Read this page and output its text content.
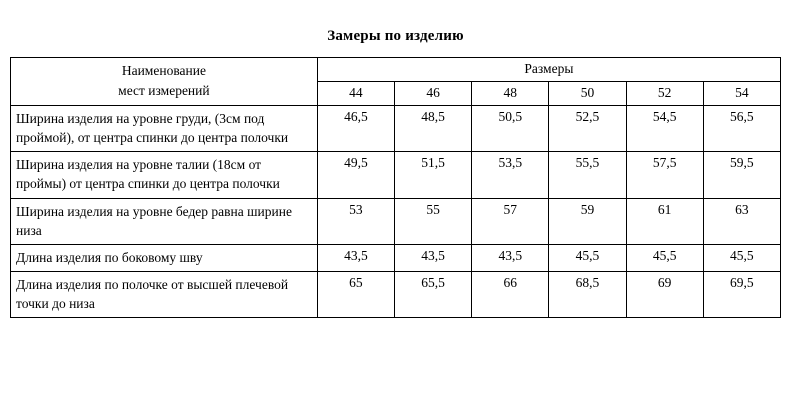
Замеры по изделию
Наименование
мест измерений	Размеры					
	44	46	48	50	52	54
Ширина изделия на уровне груди, (3см под проймой), от центра спинки до центра полочки	46,5	48,5	50,5	52,5	54,5	56,5
Ширина изделия на уровне талии (18см от проймы) от центра спинки до центра полочки	49,5	51,5	53,5	55,5	57,5	59,5
Ширина изделия на уровне бедер равна ширине низа	53	55	57	59	61	63
Длина изделия по боковому шву	43,5	43,5	43,5	45,5	45,5	45,5
Длина изделия по полочке от высшей плечевой точки до низа	65	65,5	66	68,5	69	69,5
